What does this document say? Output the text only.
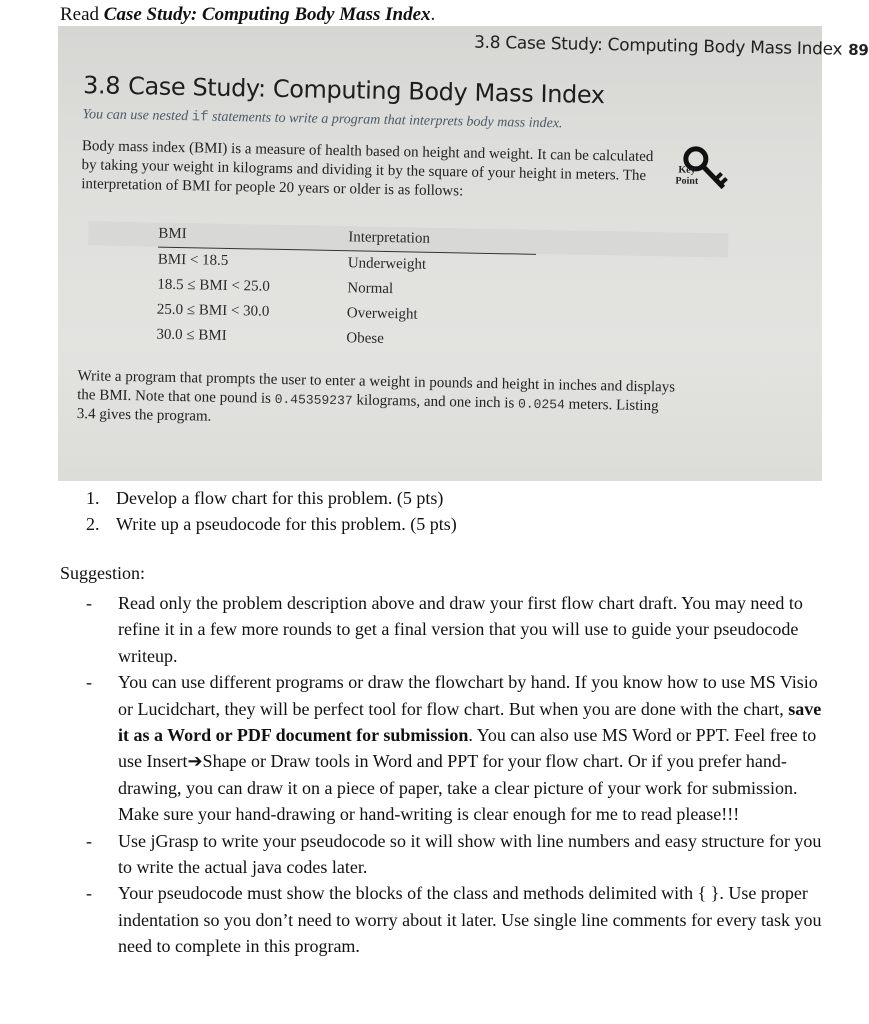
Read Case Study: Computing Body Mass Index.
3.8 Case Study: Computing Body Mass Index 89
3.8 Case Study: Computing Body Mass Index
You can use nested if statements to write a program that interprets body mass index.
Body mass index (BMI) is a measure of health based on height and weight. It can be calculated by taking your weight in kilograms and dividing it by the square of your height in meters. The interpretation of BMI for people 20 years or older is as follows:
Key
Point
BMI	Interpretation
BMI < 18.5	Underweight
18.5 ≤ BMI < 25.0	Normal
25.0 ≤ BMI < 30.0	Overweight
30.0 ≤ BMI	Obese
Write a program that prompts the user to enter a weight in pounds and height in inches and displays the BMI. Note that one pound is 0.45359237 kilograms, and one inch is 0.0254 meters. Listing 3.4 gives the program.
1. Develop a flow chart for this problem. (5 pts)
2. Write up a pseudocode for this problem. (5 pts)
Suggestion:
-	Read only the problem description above and draw your first flow chart draft. You may need to refine it in a few more rounds to get a final version that you will use to guide your pseudocode writeup.
-	You can use different programs or draw the flowchart by hand. If you know how to use MS Visio or Lucidchart, they will be perfect tool for flow chart. But when you are done with the chart, save it as a Word or PDF document for submission. You can also use MS Word or PPT. Feel free to use Insert➔Shape or Draw tools in Word and PPT for your flow chart. Or if you prefer hand-drawing, you can draw it on a piece of paper, take a clear picture of your work for submission. Make sure your hand-drawing or hand-writing is clear enough for me to read please!!!
-	Use jGrasp to write your pseudocode so it will show with line numbers and easy structure for you to write the actual java codes later.
-	Your pseudocode must show the blocks of the class and methods delimited with { }. Use proper indentation so you don’t need to worry about it later. Use single line comments for every task you need to complete in this program.
